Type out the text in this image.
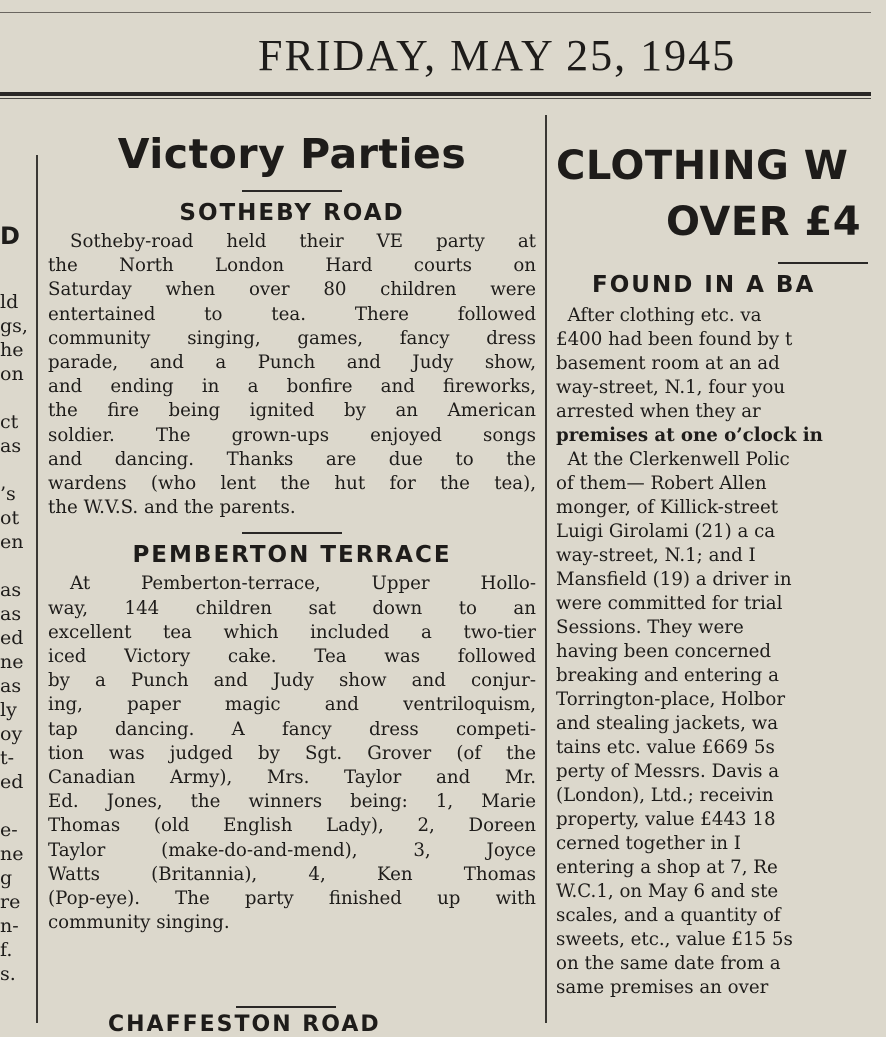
FRIDAY, MAY 25, 1945
D
ld
gs,
he
on
ct
as
’s
ot
en
as
as
ed
ne
as
ly
oy
t-
ed
e-
ne
g
re
n-
f.
s.
Victory Parties
SOTHEBY ROAD
Sotheby-road held their VE party at
the North London Hard courts on
Saturday when over 80 children were
entertained to tea. There followed
community singing, games, fancy dress
parade, and a Punch and Judy show,
and ending in a bonfire and fireworks,
the fire being ignited by an American
soldier. The grown-ups enjoyed songs
and dancing. Thanks are due to the
wardens (who lent the hut for the tea),
the W.V.S. and the parents.
PEMBERTON TERRACE
At Pemberton-terrace, Upper Hollo-
way, 144 children sat down to an
excellent tea which included a two-tier
iced Victory cake. Tea was followed
by a Punch and Judy show and conjur-
ing, paper magic and ventriloquism,
tap dancing. A fancy dress competi-
tion was judged by Sgt. Grover (of the
Canadian Army), Mrs. Taylor and Mr.
Ed. Jones, the winners being: 1, Marie
Thomas (old English Lady), 2, Doreen
Taylor (make-do-and-mend), 3, Joyce
Watts (Britannia), 4, Ken Thomas
(Pop-eye). The party finished up with
community singing.
CHAFFESTON ROAD
CLOTHING W
OVER £4
FOUND IN A BA
After clothing etc. va
£400 had been found by t
basement room at an ad
way-street, N.1, four you
arrested when they ar
premises at one o’clock in
At the Clerkenwell Polic
of them— Robert Allen
monger, of Killick-street
Luigi Girolami (21) a ca
way-street, N.1; and I
Mansfield (19) a driver in
were committed for trial
Sessions. They were
having been concerned
breaking and entering a
Torrington-place, Holbor
and stealing jackets, wa
tains etc. value £669 5s
perty of Messrs. Davis a
(London), Ltd.; receivin
property, value £443 18
cerned together in I
entering a shop at 7, Re
W.C.1, on May 6 and ste
scales, and a quantity of
sweets, etc., value £15 5s
on the same date from a
same premises an over
